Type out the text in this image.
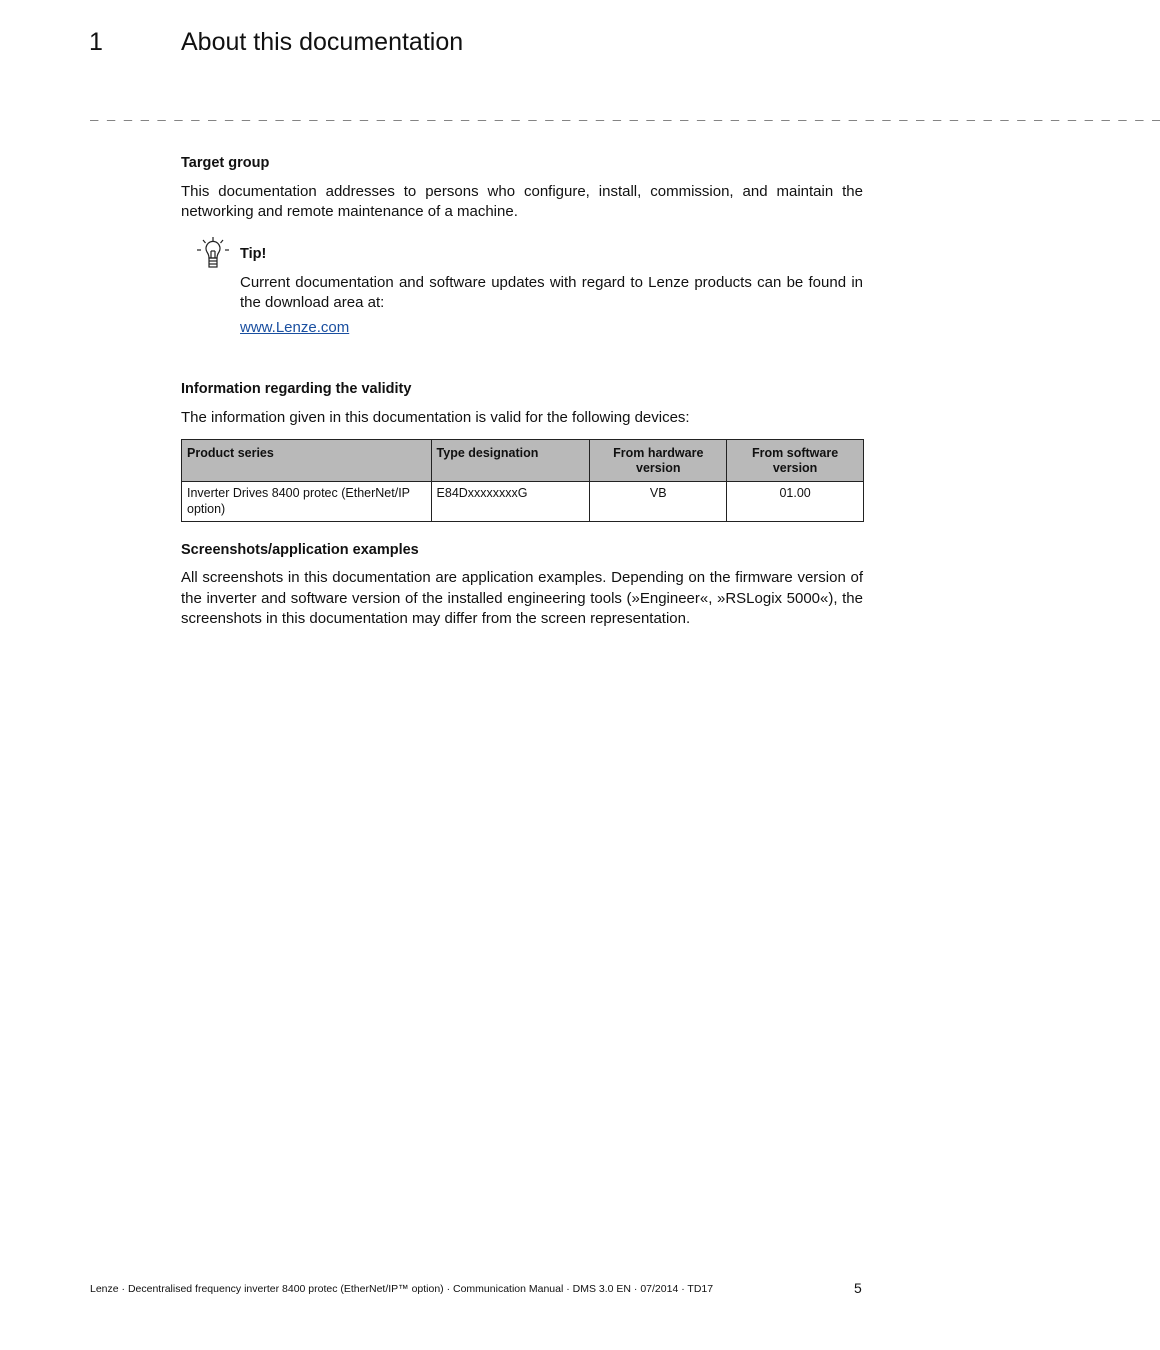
1	About this documentation
_ _ _ _ _ _ _ _ _ _ _ _ _ _ _ _ _ _ _ _ _ _ _ _ _ _ _ _ _ _ _ _ _ _ _ _ _ _ _ _ _ _ _ _ _ _ _ _ _ _ _ _ _ _ _ _ _ _ _ _ _ _ _ _

Target group

This documentation addresses to persons who configure, install, commission, and maintain the networking and remote maintenance of a machine.

Tip!

Current documentation and software updates with regard to Lenze products can be found in the download area at:

www.Lenze.com

Information regarding the validity

The information given in this documentation is valid for the following devices:

Product series	Type designation	From hardware version	From software version
Inverter Drives 8400 protec (EtherNet/IP option)	E84DxxxxxxxxG	VB	01.00

Screenshots/application examples

All screenshots in this documentation are application examples. Depending on the firmware version of the inverter and software version of the installed engineering tools (»Engineer«, »RSLogix 5000«), the screenshots in this documentation may differ from the screen representation.

Lenze · Decentralised frequency inverter 8400 protec (EtherNet/IP™ option) · Communication Manual · DMS 3.0 EN · 07/2014 · TD17	5
